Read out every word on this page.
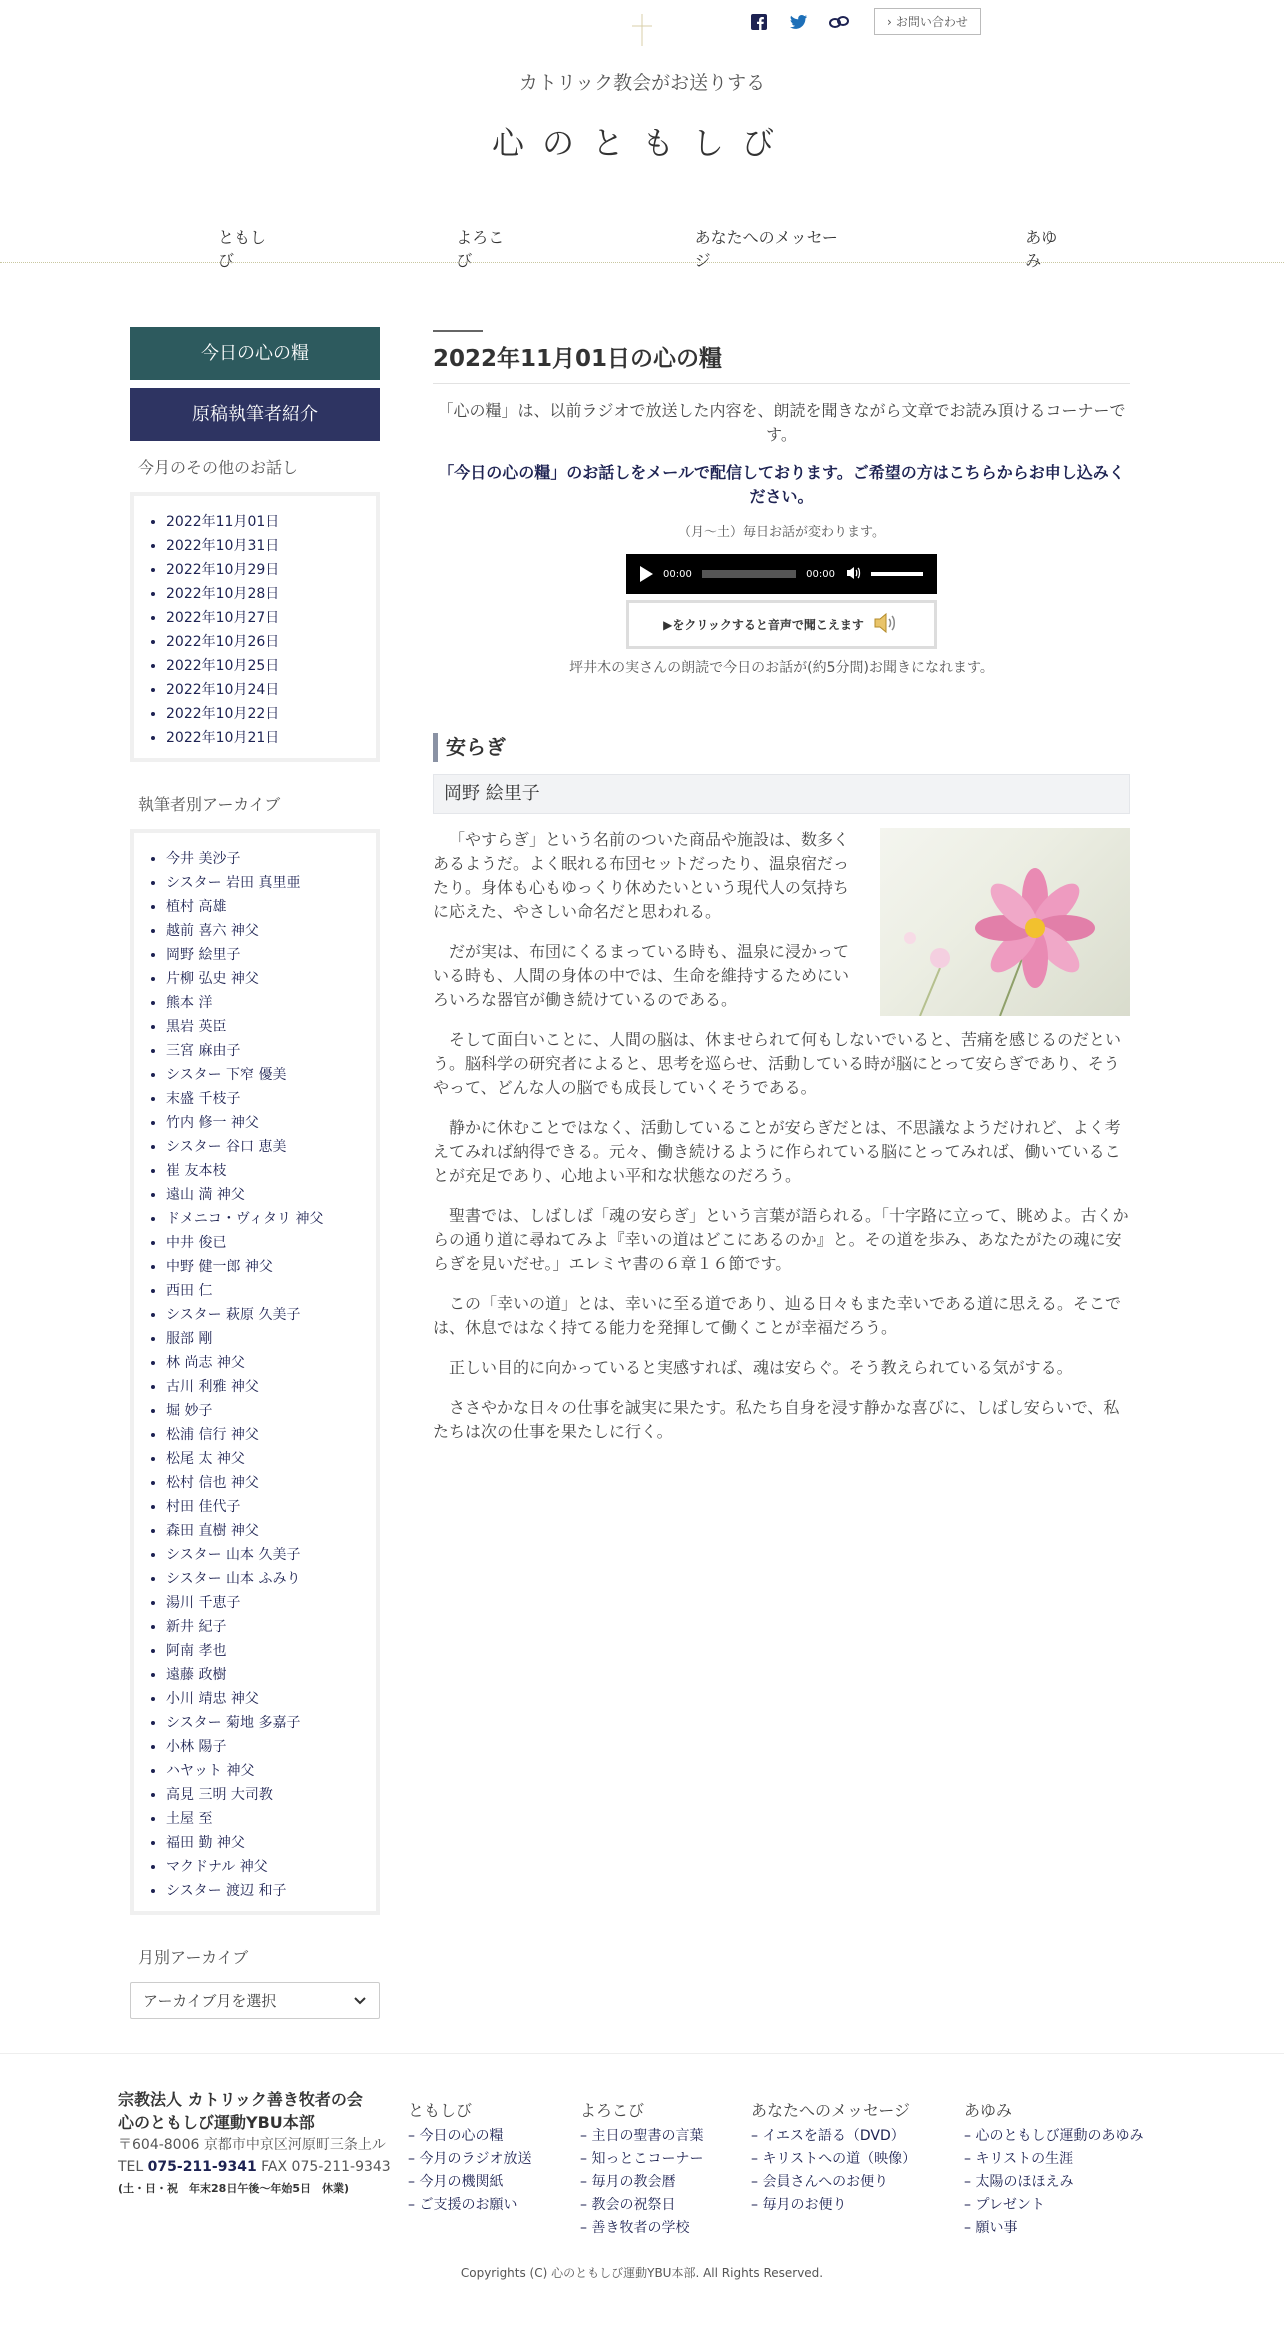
› お問い合わせ
カトリック教会がお送りする
心のともしび
ともしび
よろこび
あなたへのメッセージ
あゆみ
今日の心の糧
原稿執筆者紹介
今月のその他のお話し
• 2022年11月01日
• 2022年10月31日
• 2022年10月29日
• 2022年10月28日
• 2022年10月27日
• 2022年10月26日
• 2022年10月25日
• 2022年10月24日
• 2022年10月22日
• 2022年10月21日
執筆者別アーカイブ
• 今井 美沙子
• シスター 岩田 真里亜
• 植村 高雄
• 越前 喜六 神父
• 岡野 絵里子
• 片柳 弘史 神父
• 熊本 洋
• 黒岩 英臣
• 三宮 麻由子
• シスター 下窄 優美
• 末盛 千枝子
• 竹内 修一 神父
• シスター 谷口 恵美
• 崔 友本枝
• 遠山 満 神父
• ドメニコ・ヴィタリ 神父
• 中井 俊已
• 中野 健一郎 神父
• 西田 仁
• シスター 萩原 久美子
• 服部 剛
• 林 尚志 神父
• 古川 利雅 神父
• 堀 妙子
• 松浦 信行 神父
• 松尾 太 神父
• 松村 信也 神父
• 村田 佳代子
• 森田 直樹 神父
• シスター 山本 久美子
• シスター 山本 ふみり
• 湯川 千恵子
• 新井 紀子
• 阿南 孝也
• 遠藤 政樹
• 小川 靖忠 神父
• シスター 菊地 多嘉子
• 小林 陽子
• ハヤット 神父
• 高見 三明 大司教
• 土屋 至
• 福田 勤 神父
• マクドナル 神父
• シスター 渡辺 和子
月別アーカイブ
アーカイブ月を選択
2022年11月01日の心の糧

「心の糧」は、以前ラジオで放送した内容を、朗読を聞きながら文章でお読み頂けるコーナーです。

「今日の心の糧」のお話しをメールで配信しております。ご希望の方はこちらからお申し込みください。

（月～土）毎日お話が変わります。

00:00	00:00
▶をクリックすると音声で聞こえます

坪井木の実さんの朗読で今日のお話が(約5分間)お聞きになれます。

安らぎ
岡野 絵里子

「やすらぎ」という名前のついた商品や施設は、数多くあるようだ。よく眠れる布団セットだったり、温泉宿だったり。身体も心もゆっくり休めたいという現代人の気持ちに応えた、やさしい命名だと思われる。

だが実は、布団にくるまっている時も、温泉に浸かっている時も、人間の身体の中では、生命を維持するためにいろいろな器官が働き続けているのである。

そして面白いことに、人間の脳は、休ませられて何もしないでいると、苦痛を感じるのだという。脳科学の研究者によると、思考を巡らせ、活動している時が脳にとって安らぎであり、そうやって、どんな人の脳でも成長していくそうである。

静かに休むことではなく、活動していることが安らぎだとは、不思議なようだけれど、よく考えてみれば納得できる。元々、働き続けるように作られている脳にとってみれば、働いていることが充足であり、心地よい平和な状態なのだろう。

聖書では、しばしば「魂の安らぎ」という言葉が語られる。「十字路に立って、眺めよ。古くからの通り道に尋ねてみよ『幸いの道はどこにあるのか』と。その道を歩み、あなたがたの魂に安らぎを見いだせ。」エレミヤ書の６章１６節です。

この「幸いの道」とは、幸いに至る道であり、辿る日々もまた幸いである道に思える。そこでは、休息ではなく持てる能力を発揮して働くことが幸福だろう。

正しい目的に向かっていると実感すれば、魂は安らぐ。そう教えられている気がする。

ささやかな日々の仕事を誠実に果たす。私たち自身を浸す静かな喜びに、しばし安らいで、私たちは次の仕事を果たしに行く。

宗教法人 カトリック善き牧者の会
心のともしび運動YBU本部
〒604-8006 京都市中京区河原町三条上ル
TEL 075-211-9341 FAX 075-211-9343
(土・日・祝　年末28日午後〜年始5日　休業)
ともしび
– 今日の心の糧
– 今月のラジオ放送
– 今月の機関紙
– ご支援のお願い
よろこび
– 主日の聖書の言葉
– 知っとこコーナー
– 毎月の教会暦
– 教会の祝祭日
– 善き牧者の学校
あなたへのメッセージ
– イエスを語る（DVD）
– キリストへの道（映像）
– 会員さんへのお便り
– 毎月のお便り
あゆみ
– 心のともしび運動のあゆみ
– キリストの生涯
– 太陽のほほえみ
– プレゼント
– 願い事
Copyrights (C) 心のともしび運動YBU本部. All Rights Reserved.
